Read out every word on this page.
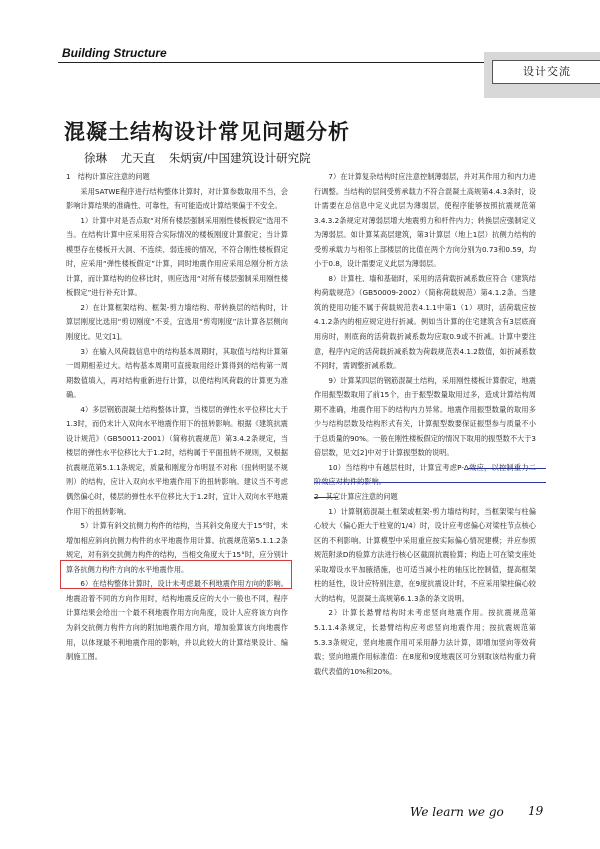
Building Structure
设计交流
混凝土结构设计常见问题分析
徐琳 尤天直 朱炳寅/中国建筑设计研究院

1　结构计算应注意的问题

采用SATWE程序进行结构整体计算时，对计算参数取用不当，会影响计算结果的准确性、可靠性，有可能造成计算结果偏于不安全。

1）计算中对是否点取“对所有楼层强制采用刚性楼板假定”选用不当。在结构计算中应采用符合实际情况的楼板刚度计算假定；当计算模型存在楼板开大洞、不连续、弱连接的情况，不符合刚性楼板假定时，应采用“弹性楼板假定”计算，同时地震作用应采用总刚分析方法计算，而计算结构的位移比时，则应选用“对所有楼层强制采用刚性楼板假定”进行补充计算。

2）在计算框架结构、框架-剪力墙结构、带转换层的结构时，计算层刚度比选用“剪切刚度”不妥，宜选用“剪弯刚度”法计算各层侧向刚度比。见文[1]。

3）在输入风荷载信息中的结构基本周期时，其取值与结构计算第一周期相差过大。结构基本周期可直接取用经计算得到的结构第一周期数值填入，再对结构重新进行计算，以使结构风荷载的计算更为准确。

4）多层钢筋混凝土结构整体计算，当楼层的弹性水平位移比大于1.3时，而仍未计入双向水平地震作用下的扭转影响。根据《建筑抗震设计规范》（GB50011-2001）（简称抗震规范）第3.4.2条规定，当楼层的弹性水平位移比大于1.2时，结构属于平面扭转不规则，又根据抗震规范第5.1.1条规定，质量和刚度分布明显不对称（扭转明显不规则）的结构，应计入双向水平地震作用下的扭转影响。建议当不考虑偶然偏心时，楼层的弹性水平位移比大于1.2时，宜计入双向水平地震作用下的扭转影响。

5）计算有斜交抗侧力构件的结构，当其斜交角度大于15°时，未增加相应斜向抗侧力构件的水平地震作用计算。抗震规范第5.1.1.2条规定，对有斜交抗侧力构件的结构，当相交角度大于15°时，应分别计算各抗侧力构件方向的水平地震作用。

6）在结构整体计算时，设计未考虑最不利地震作用方向的影响。地震沿着不同的方向作用时，结构地震反应的大小一般也不同，程序计算结果会给出一个最不利地震作用方向角度，设计人应将该方向作为斜交抗侧力构件方向的附加地震作用方向，增加验算该方向地震作用，以体现最不利地震作用的影响，并以此较大的计算结果设计、编制施工图。

7）在计算复杂结构时应注意控制薄弱层，并对其作用力和内力进行调整。当结构的层间受剪承载力不符合混凝土高规第4.4.3条时，设计需要在总信息中定义此层为薄弱层，使程序能够按照抗震规范第3.4.3.2条规定对薄弱层增大地震剪力和杆件内力；转换层应强制定义为薄弱层。如计算某高层建筑，第3计算层（地上1层）抗侧力结构的受剪承载力与相邻上部楼层的比值在两个方向分别为0.73和0.59，均小于0.8，设计需要定义此层为薄弱层。

8）计算柱、墙和基础时，采用的活荷载折减系数应符合《建筑结构荷载规范》（GB50009-2002）（简称荷载规范）第4.1.2条。当建筑的使用功能不属于荷载规范表4.1.1中第1（1）项时，活荷载应按4.1.2条内的相应规定进行折减。例如当计算的住宅建筑含有3层底商用房时，则底商的活荷载折减系数均应取0.9或不折减。计算中要注意，程序内定的活荷载折减系数为荷载规范表4.1.2数值，如折减系数不同时，需调整折减系数。

9）计算某四层的钢筋混凝土结构，采用刚性楼板计算假定，地震作用振型数取用了前15个，由于振型数量取用过多，造成计算结构周期不准确，地震作用下的结构内力异常。地震作用振型数量的取用多少与结构层数及结构形式有关，计算振型数要保证振型参与质量不小于总质量的90%。一般在刚性楼板假定的情况下取用的振型数不大于3倍层数，见文[2]中对于计算振型数的说明。

10）当结构中有越层柱时，计算宜考虑P-Δ效应，以控制重力二阶效应对构件的影响。

2　其它计算应注意的问题

1）计算钢筋混凝土框架或框架-剪力墙结构时，当框架梁与柱偏心较大（偏心距大于柱宽的1/4）时，设计应考虑偏心对梁柱节点核心区的不利影响。计算模型中采用重应按实际偏心情况建模；并应参照规范附录D的验算方法进行核心区截面抗震验算；构造上可在梁支座处采取增设水平加腋措施，也可适当减小柱的轴压比控制值，提高框架柱的延性，设计应特别注意，在9度抗震设计时，不应采用梁柱偏心较大的结构，见混凝土高规第6.1.3条的条文说明。

2）计算长悬臂结构时未考虑竖向地震作用。按抗震规范第5.1.1.4条规定，长悬臂结构应考虑竖向地震作用；按抗震规范第5.3.3条规定，竖向地震作用可采用静力法计算，即增加竖向等效荷载；竖向地震作用标准值：在8度和9度地震区可分别取该结构重力荷载代表值的10%和20%。

We learn we go 19
